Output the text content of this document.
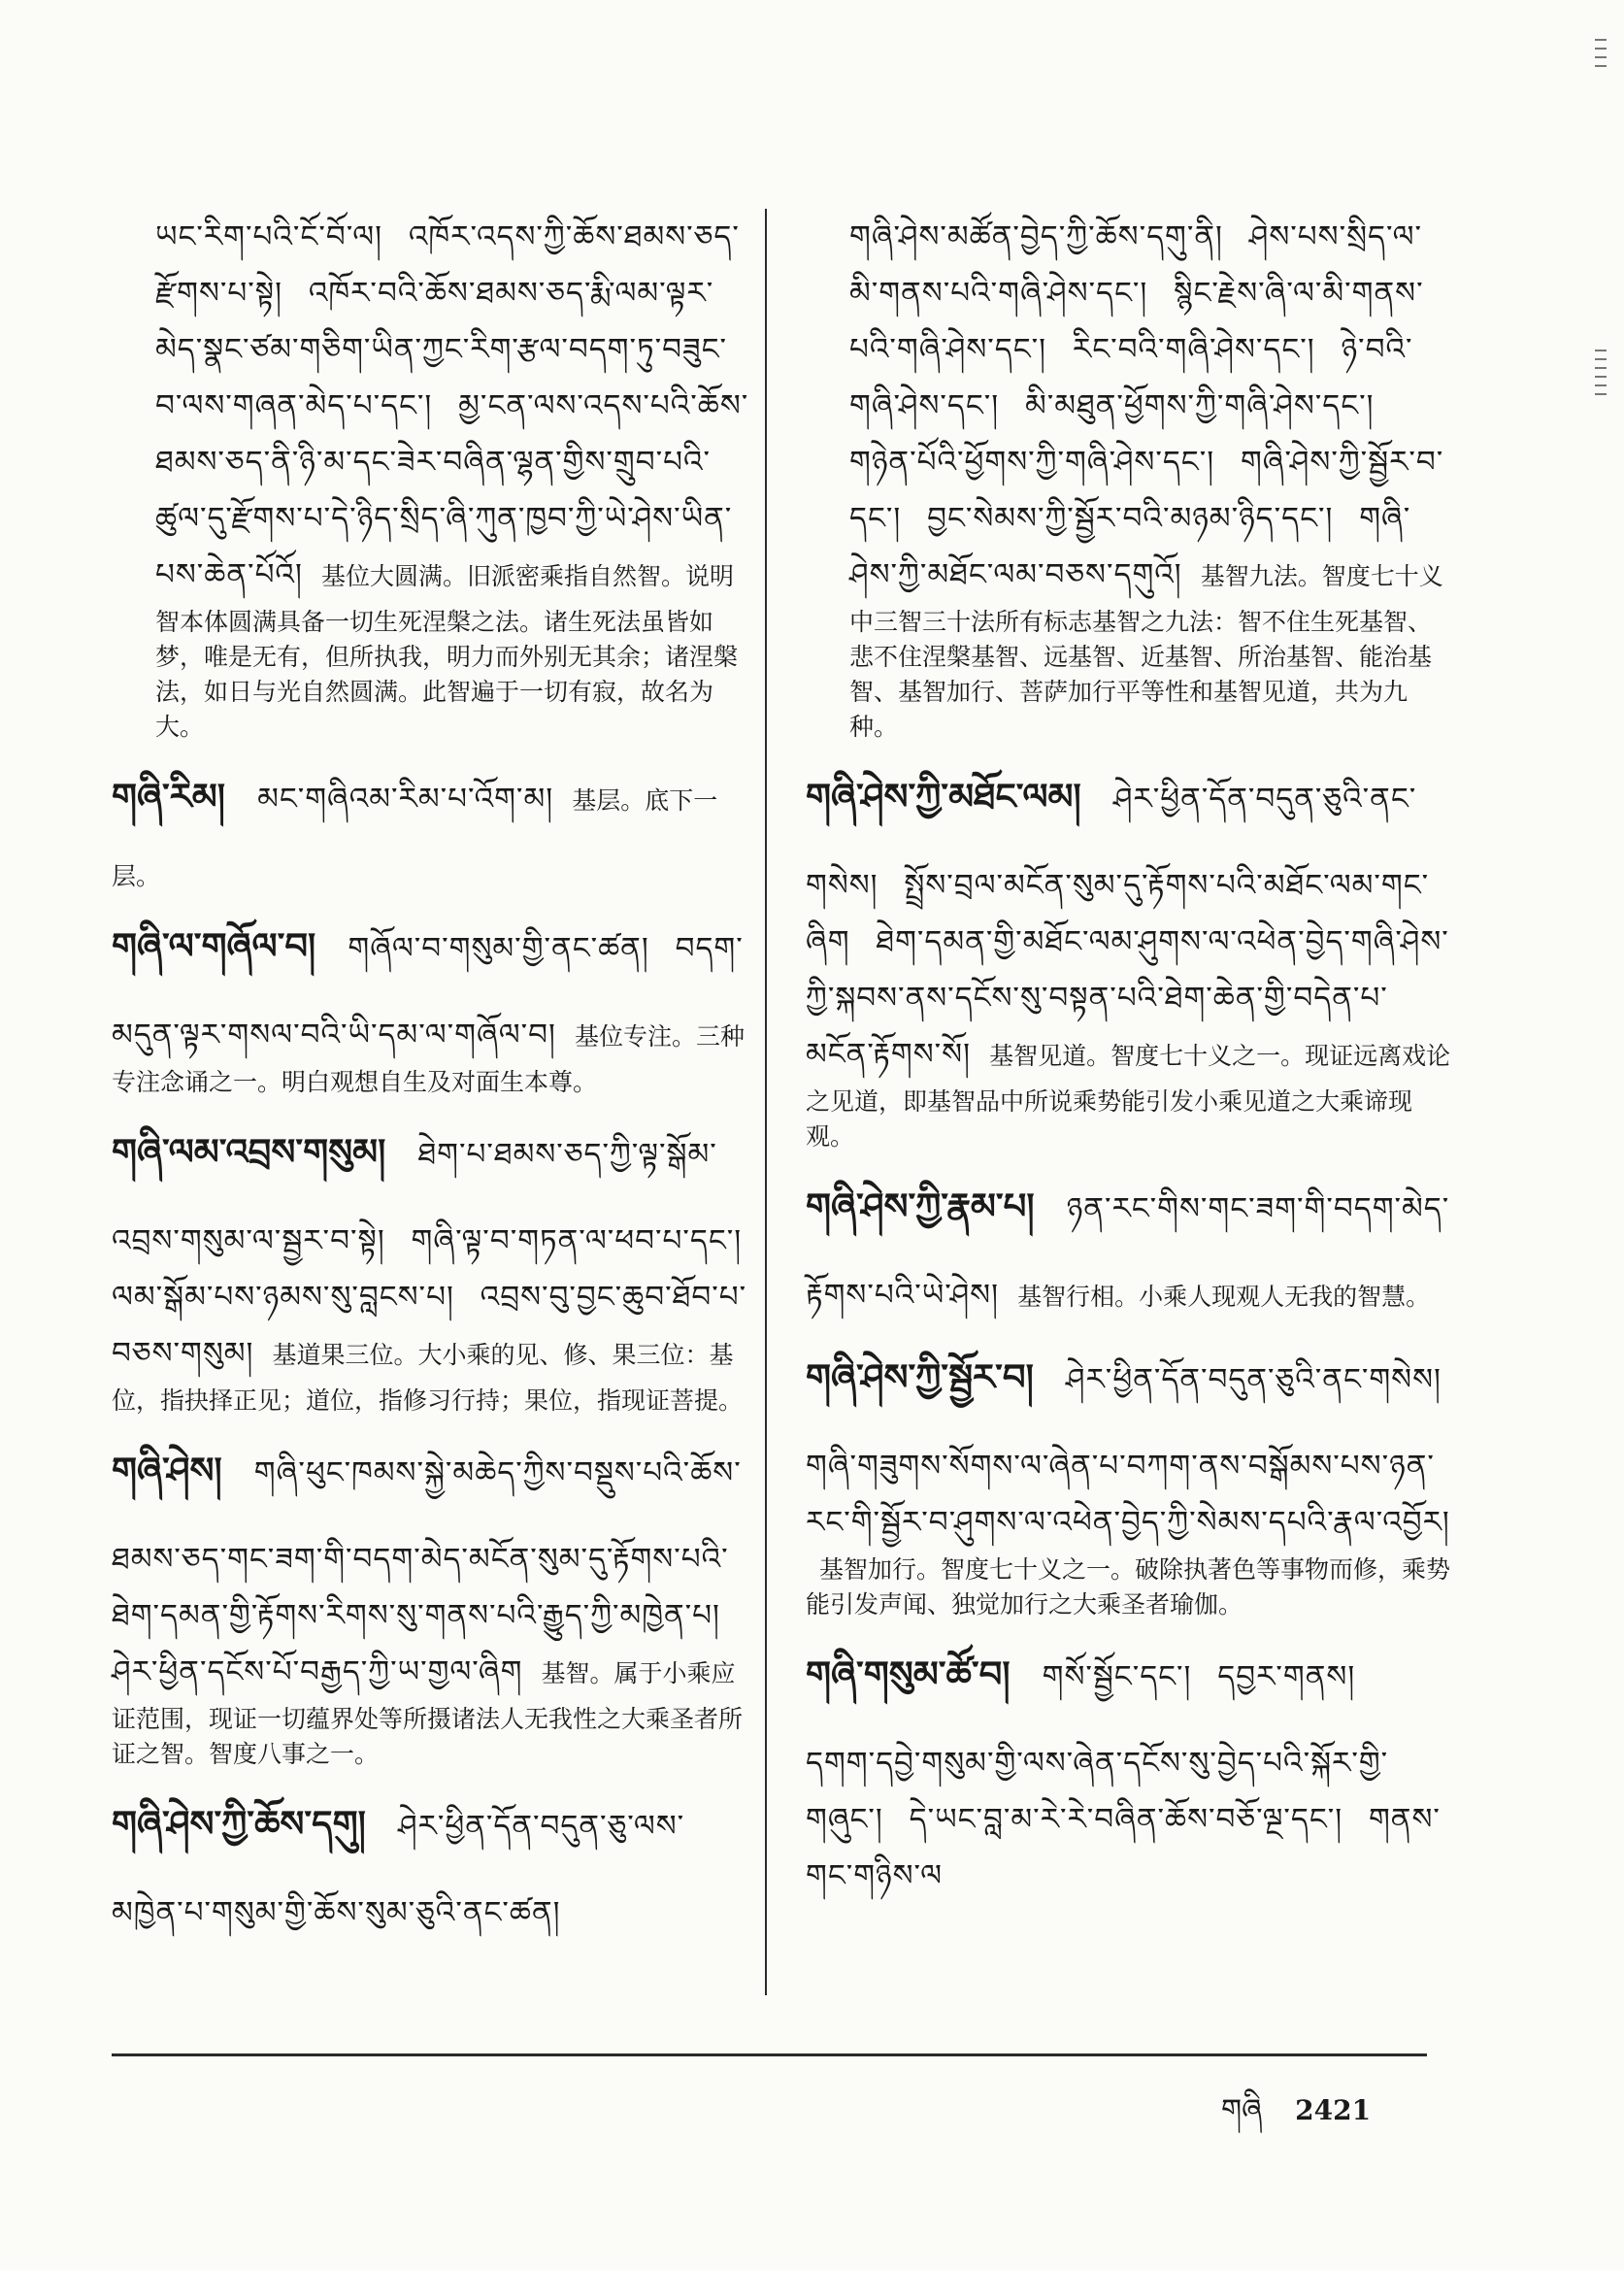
ཡང་རིག་པའི་ངོ་བོ་ལ། འཁོར་འདས་ཀྱི་ཆོས་ཐམས་ཅད་རྫོགས་པ་སྟེ། འཁོར་བའི་ཆོས་ཐམས་ཅད་རྨི་ལམ་ལྟར་མེད་སྣང་ཙམ་གཅིག་ཡིན་ཀྱང་རིག་རྩལ་བདག་ཏུ་བཟུང་བ་ལས་གཞན་མེད་པ་དང་། མྱ་ངན་ལས་འདས་པའི་ཆོས་ཐམས་ཅད་ནི་ཉི་མ་དང་ཟེར་བཞིན་ལྷན་གྱིས་གྲུབ་པའི་ཚུལ་དུ་རྫོགས་པ་དེ་ཉིད་སྲིད་ཞི་ཀུན་ཁྱབ་ཀྱི་ཡེ་ཤེས་ཡིན་པས་ཆེན་པོའོ། 基位大圆满。旧派密乘指自然智。说明智本体圆满具备一切生死涅槃之法。诸生死法虽皆如梦，唯是无有，但所执我，明力而外别无其余；诸涅槃法，如日与光自然圆满。此智遍于一切有寂，故名为大。
གཞི་རིམ། མང་གཞིའམ་རིམ་པ་འོག་མ། 基层。底下一层。
གཞི་ལ་གཞོལ་བ། གཞོལ་བ་གསུམ་གྱི་ནང་ཚན། བདག་མདུན་ལྟར་གསལ་བའི་ཡི་དམ་ལ་གཞོལ་བ། 基位专注。三种专注念诵之一。明白观想自生及对面生本尊。
གཞི་ལམ་འབྲས་གསུམ། ཐེག་པ་ཐམས་ཅད་ཀྱི་ལྟ་སྒོམ་འབྲས་གསུམ་ལ་སྦྱར་བ་སྟེ། གཞི་ལྟ་བ་གཏན་ལ་ཕབ་པ་དང་། ལམ་སྒོམ་པས་ཉམས་སུ་བླངས་པ། འབྲས་བུ་བྱང་ཆུབ་ཐོབ་པ་བཅས་གསུམ། 基道果三位。大小乘的见、修、果三位：基位，指抉择正见；道位，指修习行持；果位，指现证菩提。
གཞི་ཤེས། གཞི་ཕུང་ཁམས་སྐྱེ་མཆེད་ཀྱིས་བསྡུས་པའི་ཆོས་ཐམས་ཅད་གང་ཟག་གི་བདག་མེད་མངོན་སུམ་དུ་རྟོགས་པའི་ཐེག་དམན་གྱི་རྟོགས་རིགས་སུ་གནས་པའི་རྒྱུད་ཀྱི་མཁྱེན་པ། ཤེར་ཕྱིན་དངོས་པོ་བརྒྱད་ཀྱི་ཡ་གྱལ་ཞིག 基智。属于小乘应证范围，现证一切蕴界处等所摄诸法人无我性之大乘圣者所证之智。智度八事之一。
གཞི་ཤེས་ཀྱི་ཆོས་དགུ། ཤེར་ཕྱིན་དོན་བདུན་ཅུ་ལས་མཁྱེན་པ་གསུམ་གྱི་ཆོས་སུམ་ཅུའི་ནང་ཚན།
གཞི་ཤེས་མཚོན་བྱེད་ཀྱི་ཆོས་དགུ་ནི། ཤེས་པས་སྲིད་ལ་མི་གནས་པའི་གཞི་ཤེས་དང་། སྙིང་རྗེས་ཞི་ལ་མི་གནས་པའི་གཞི་ཤེས་དང་། རིང་བའི་གཞི་ཤེས་དང་། ཉེ་བའི་གཞི་ཤེས་དང་། མི་མཐུན་ཕྱོགས་ཀྱི་གཞི་ཤེས་དང་། གཉེན་པོའི་ཕྱོགས་ཀྱི་གཞི་ཤེས་དང་། གཞི་ཤེས་ཀྱི་སྦྱོར་བ་དང་། བྱང་སེམས་ཀྱི་སྦྱོར་བའི་མཉམ་ཉིད་དང་། གཞི་ཤེས་ཀྱི་མཐོང་ལམ་བཅས་དགུའོ། 基智九法。智度七十义中三智三十法所有标志基智之九法：智不住生死基智、悲不住涅槃基智、远基智、近基智、所治基智、能治基智、基智加行、菩萨加行平等性和基智见道，共为九种。
གཞི་ཤེས་ཀྱི་མཐོང་ལམ། ཤེར་ཕྱིན་དོན་བདུན་ཅུའི་ནང་གསེས། སྤྲོས་བྲལ་མངོན་སུམ་དུ་རྟོགས་པའི་མཐོང་ལམ་གང་ཞིག ཐེག་དམན་གྱི་མཐོང་ལམ་ཤུགས་ལ་འཕེན་བྱེད་གཞི་ཤེས་ཀྱི་སྐབས་ནས་དངོས་སུ་བསྟན་པའི་ཐེག་ཆེན་གྱི་བདེན་པ་མངོན་རྟོགས་སོ། 基智见道。智度七十义之一。现证远离戏论之见道，即基智品中所说乘势能引发小乘见道之大乘谛现观。
གཞི་ཤེས་ཀྱི་རྣམ་པ། ཉན་རང་གིས་གང་ཟག་གི་བདག་མེད་རྟོགས་པའི་ཡེ་ཤེས། 基智行相。小乘人现观人无我的智慧。
གཞི་ཤེས་ཀྱི་སྦྱོར་བ། ཤེར་ཕྱིན་དོན་བདུན་ཅུའི་ནང་གསེས། གཞི་གཟུགས་སོགས་ལ་ཞེན་པ་བཀག་ནས་བསྒོམས་པས་ཉན་རང་གི་སྦྱོར་བ་ཤུགས་ལ་འཕེན་བྱེད་ཀྱི་སེམས་དཔའི་རྣལ་འབྱོར། 基智加行。智度七十义之一。破除执著色等事物而修，乘势能引发声闻、独觉加行之大乘圣者瑜伽。
གཞི་གསུམ་ཚོ་བ། གསོ་སྦྱོང་དང་། དབྱར་གནས། དགག་དབྱེ་གསུམ་གྱི་ལས་ཞེན་དངོས་སུ་བྱེད་པའི་སྐོར་གྱི་གཞུང་། དེ་ཡང་བླ་མ་རེ་རེ་བཞིན་ཆོས་བཅོ་ལྔ་དང་། གནས་གང་གཉིས་ལ
གཞི 2421
